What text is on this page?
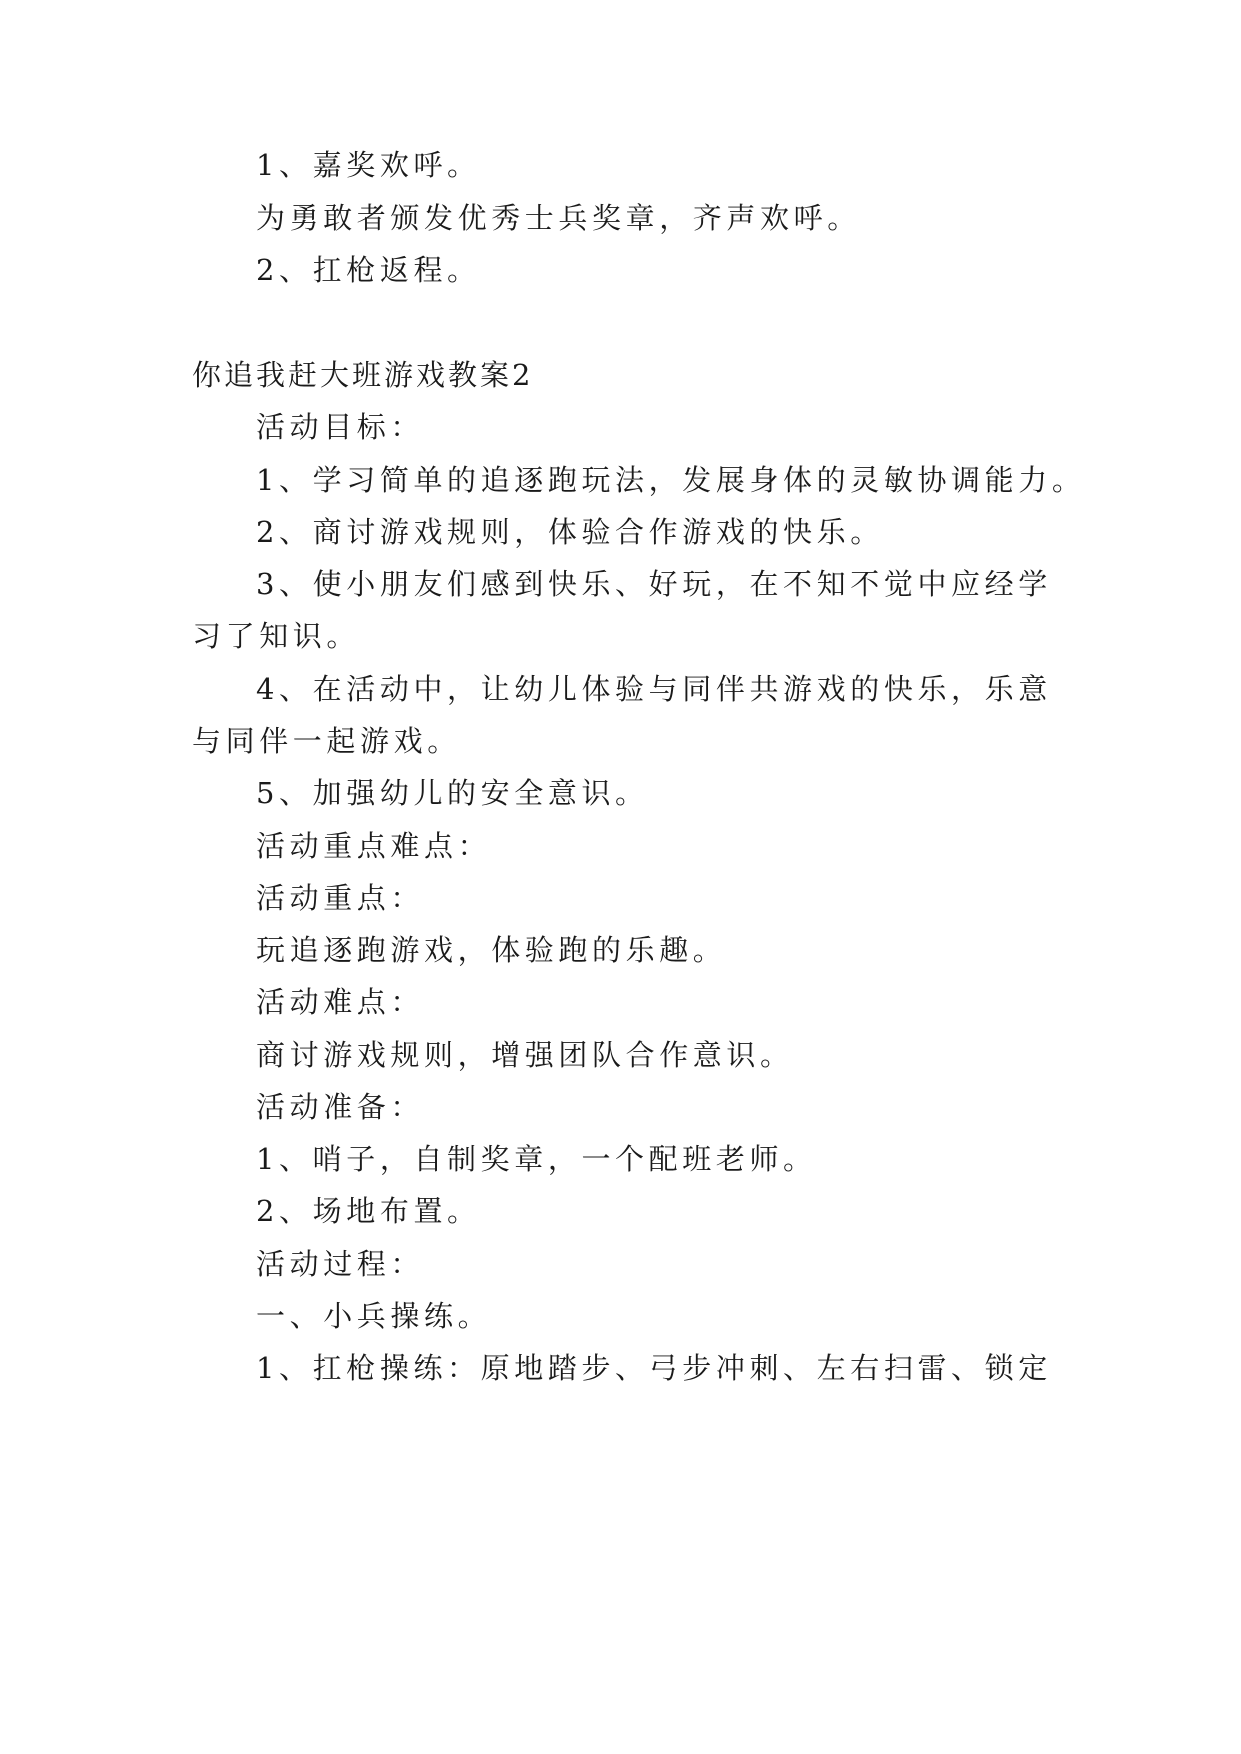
1、嘉奖欢呼。
为勇敢者颁发优秀士兵奖章，齐声欢呼。
2、扛枪返程。
你追我赶大班游戏教案2
活动目标：
1、学习简单的追逐跑玩法，发展身体的灵敏协调能力。
2、商讨游戏规则，体验合作游戏的快乐。
3、使小朋友们感到快乐、好玩，在不知不觉中应经学
习了知识。
4、在活动中，让幼儿体验与同伴共游戏的快乐，乐意
与同伴一起游戏。
5、加强幼儿的安全意识。
活动重点难点：
活动重点：
玩追逐跑游戏，体验跑的乐趣。
活动难点：
商讨游戏规则，增强团队合作意识。
活动准备：
1、哨子，自制奖章，一个配班老师。
2、场地布置。
活动过程：
一、小兵操练。
1、扛枪操练：原地踏步、弓步冲刺、左右扫雷、锁定
